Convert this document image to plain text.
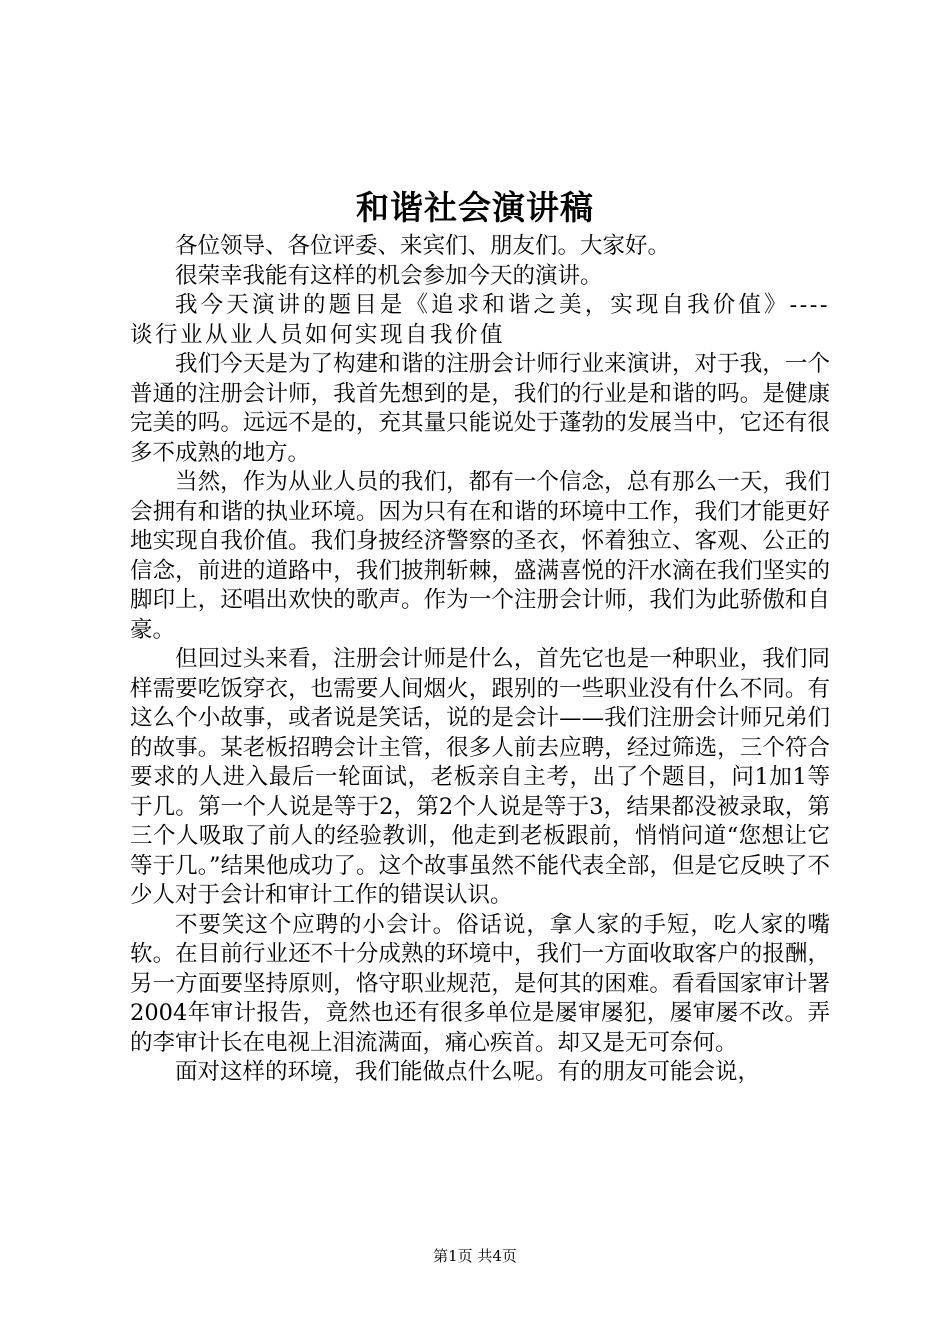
和谐社会演讲稿

各位领导、各位评委、来宾们、朋友们。大家好。

很荣幸我能有这样的机会参加今天的演讲。

我今天演讲的题目是《追求和谐之美，实现自我价值》----谈行业从业人员如何实现自我价值

我们今天是为了构建和谐的注册会计师行业来演讲，对于我，一个普通的注册会计师，我首先想到的是，我们的行业是和谐的吗。是健康完美的吗。远远不是的，充其量只能说处于蓬勃的发展当中，它还有很多不成熟的地方。

当然，作为从业人员的我们，都有一个信念，总有那么一天，我们会拥有和谐的执业环境。因为只有在和谐的环境中工作，我们才能更好地实现自我价值。我们身披经济警察的圣衣，怀着独立、客观、公正的信念，前进的道路中，我们披荆斩棘，盛满喜悦的汗水滴在我们坚实的脚印上，还唱出欢快的歌声。作为一个注册会计师，我们为此骄傲和自豪。

但回过头来看，注册会计师是什么，首先它也是一种职业，我们同样需要吃饭穿衣，也需要人间烟火，跟别的一些职业没有什么不同。有这么个小故事，或者说是笑话，说的是会计——我们注册会计师兄弟们的故事。某老板招聘会计主管，很多人前去应聘，经过筛选，三个符合要求的人进入最后一轮面试，老板亲自主考，出了个题目，问1加1等于几。第一个人说是等于2，第2个人说是等于3，结果都没被录取，第三个人吸取了前人的经验教训，他走到老板跟前，悄悄问道“您想让它等于几。”结果他成功了。这个故事虽然不能代表全部，但是它反映了不少人对于会计和审计工作的错误认识。

不要笑这个应聘的小会计。俗话说，拿人家的手短，吃人家的嘴软。在目前行业还不十分成熟的环境中，我们一方面收取客户的报酬，另一方面要坚持原则，恪守职业规范，是何其的困难。看看国家审计署2004年审计报告，竟然也还有很多单位是屡审屡犯，屡审屡不改。弄的李审计长在电视上泪流满面，痛心疾首。却又是无可奈何。

面对这样的环境，我们能做点什么呢。有的朋友可能会说，

第1页 共4页
